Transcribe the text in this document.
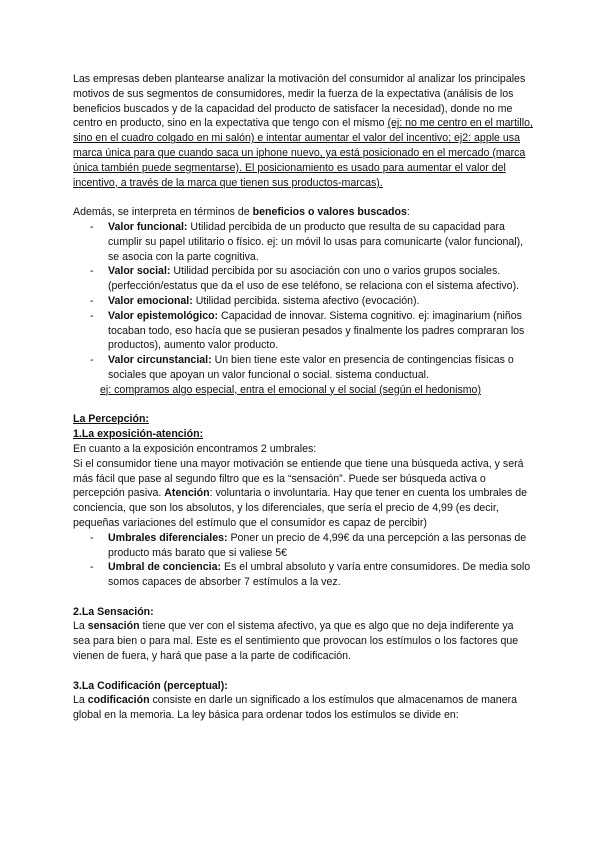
Las empresas deben plantearse analizar la motivación del consumidor al analizar los principales motivos de sus segmentos de consumidores, medir la fuerza de la expectativa (análisis de los beneficios buscados y de la capacidad del producto de satisfacer la necesidad), donde no me centro en producto, sino en la expectativa que tengo con el mismo (ej: no me centro en el martillo, sino en el cuadro colgado en mi salón) e intentar aumentar el valor del incentivo; ej2: apple usa marca única para que cuando saca un iphone nuevo, ya está posicionado en el mercado (marca única también puede segmentarse). El posicionamiento es usado para aumentar el valor del incentivo, a través de la marca que tienen sus productos-marcas).

Además, se interpreta en términos de beneficios o valores buscados:

- Valor funcional: Utilidad percibida de un producto que resulta de su capacidad para cumplir su papel utilitario o físico. ej: un móvil lo usas para comunicarte (valor funcional), se asocia con la parte cognitiva.
- Valor social: Utilidad percibida por su asociación con uno o varios grupos sociales. (perfección/estatus que da el uso de ese teléfono, se relaciona con el sistema afectivo).
- Valor emocional: Utilidad percibida. sistema afectivo (evocación).
- Valor epistemológico: Capacidad de innovar. Sistema cognitivo. ej: imaginarium (niños tocaban todo, eso hacía que se pusieran pesados y finalmente los padres compraran los productos), aumento valor producto.
- Valor circunstancial: Un bien tiene este valor en presencia de contingencias físicas o sociales que apoyan un valor funcional o social. sistema conductual.

ej: compramos algo especial, entra el emocional y el social (según el hedonismo)

La Percepción:

1.La exposición-atención:

En cuanto a la exposición encontramos 2 umbrales:

Si el consumidor tiene una mayor motivación se entiende que tiene una búsqueda activa, y será más fácil que pase al segundo filtro que es la “sensación”. Puede ser búsqueda activa o percepción pasiva. Atención: voluntaria o involuntaria. Hay que tener en cuenta los umbrales de conciencia, que son los absolutos, y los diferenciales, que sería el precio de 4,99 (es decir, pequeñas variaciones del estímulo que el consumidor es capaz de percibir)

- Umbrales diferenciales: Poner un precio de 4,99€ da una percepción a las personas de producto más barato que si valiese 5€
- Umbral de conciencia: Es el umbral absoluto y varía entre consumidores. De media solo somos capaces de absorber 7 estímulos a la vez.

2.La Sensación:

La sensación tiene que ver con el sistema afectivo, ya que es algo que no deja indiferente ya sea para bien o para mal. Este es el sentimiento que provocan los estímulos o los factores que vienen de fuera, y hará que pase a la parte de codificación.

3.La Codificación (perceptual):

La codificación consiste en darle un significado a los estímulos que almacenamos de manera global en la memoria. La ley básica para ordenar todos los estímulos se divide en:
